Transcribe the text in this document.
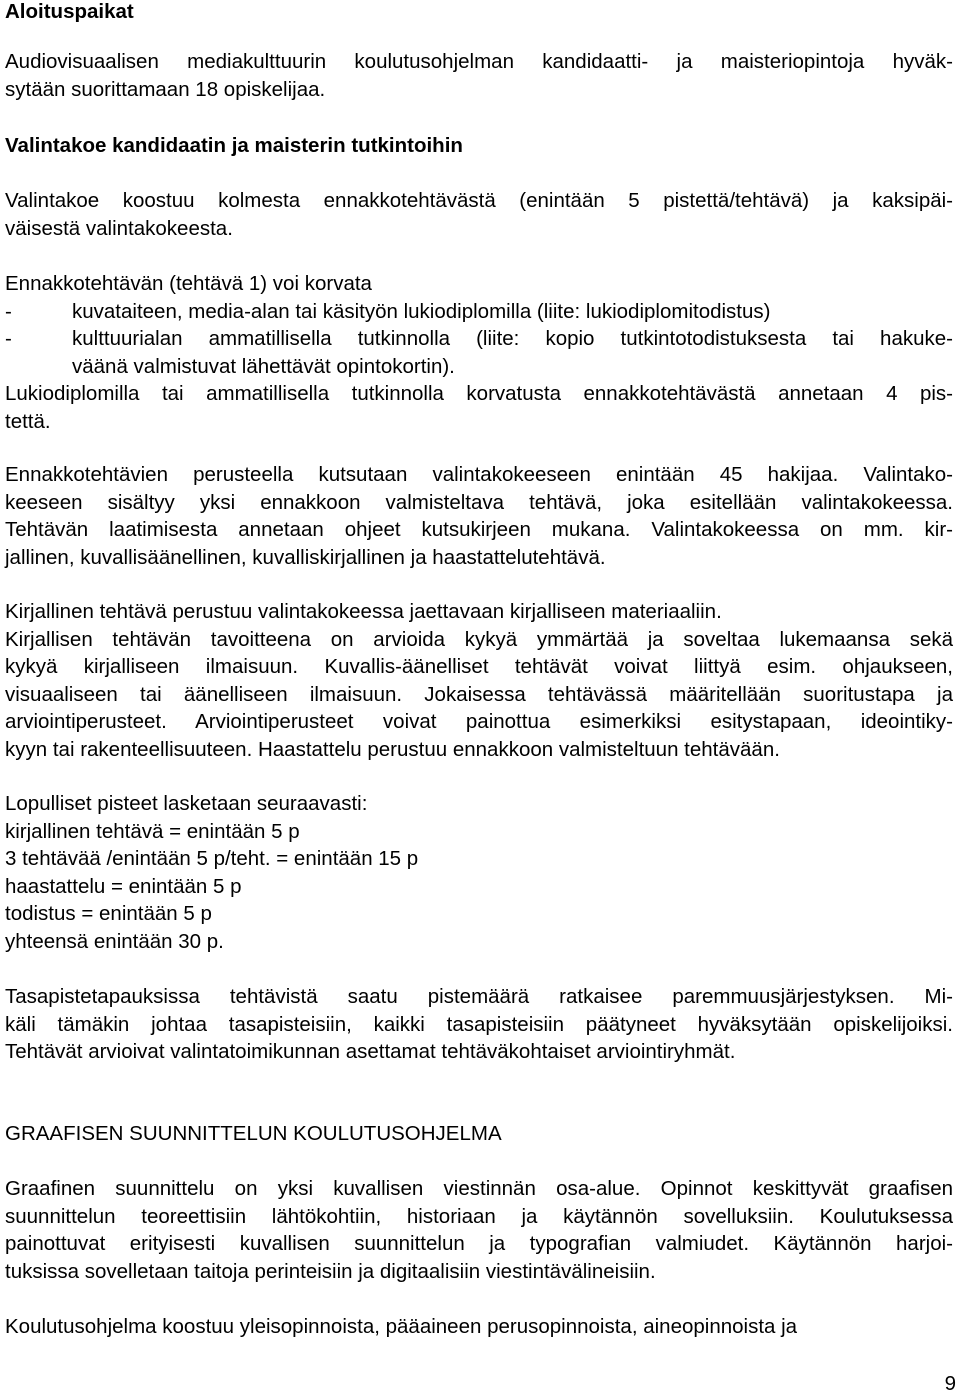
Aloituspaikat
Audiovisuaalisen mediakulttuurin koulutusohjelman kandidaatti- ja maisteriopintoja hyväk-
sytään suorittamaan 18 opiskelijaa.
Valintakoe kandidaatin ja maisterin tutkintoihin
Valintakoe koostuu kolmesta ennakkotehtävästä (enintään 5 pistettä/tehtävä) ja kaksipäi-
väisestä valintakokeesta.
Ennakkotehtävän (tehtävä 1) voi korvata
-	kuvataiteen, media-alan tai käsityön lukiodiplomilla (liite: lukiodiplomitodistus)
-	kulttuurialan ammatillisella tutkinnolla (liite: kopio tutkintotodistuksesta tai hakuke-
väänä valmistuvat lähettävät opintokortin).
Lukiodiplomilla tai ammatillisella tutkinnolla korvatusta ennakkotehtävästä annetaan 4 pis-
tettä.
Ennakkotehtävien perusteella kutsutaan valintakokeeseen enintään 45 hakijaa. Valintako-
keeseen sisältyy yksi ennakkoon valmisteltava tehtävä, joka esitellään valintakokeessa.
Tehtävän laatimisesta annetaan ohjeet kutsukirjeen mukana. Valintakokeessa on mm. kir-
jallinen, kuvallisäänellinen, kuvalliskirjallinen ja haastattelutehtävä.
Kirjallinen tehtävä perustuu valintakokeessa jaettavaan kirjalliseen materiaaliin.
Kirjallisen tehtävän tavoitteena on arvioida kykyä ymmärtää ja soveltaa lukemaansa sekä
kykyä kirjalliseen ilmaisuun. Kuvallis-äänelliset tehtävät voivat liittyä esim. ohjaukseen,
visuaaliseen tai äänelliseen ilmaisuun. Jokaisessa tehtävässä määritellään suoritustapa ja
arviointiperusteet. Arviointiperusteet voivat painottua esimerkiksi esitystapaan, ideointiky-
kyyn tai rakenteellisuuteen. Haastattelu perustuu ennakkoon valmisteltuun tehtävään.
Lopulliset pisteet lasketaan seuraavasti:
kirjallinen tehtävä = enintään 5 p
3 tehtävää /enintään 5 p/teht. = enintään 15 p
haastattelu = enintään 5 p
todistus = enintään 5 p
yhteensä enintään 30 p.
Tasapistetapauksissa tehtävistä saatu pistemäärä ratkaisee paremmuusjärjestyksen. Mi-
käli tämäkin johtaa tasapisteisiin, kaikki tasapisteisiin päätyneet hyväksytään opiskelijoiksi.
Tehtävät arvioivat valintatoimikunnan asettamat tehtäväkohtaiset arviointiryhmät.
GRAAFISEN SUUNNITTELUN KOULUTUSOHJELMA
Graafinen suunnittelu on yksi kuvallisen viestinnän osa-alue. Opinnot keskittyvät graafisen
suunnittelun teoreettisiin lähtökohtiin, historiaan ja käytännön sovelluksiin. Koulutuksessa
painottuvat erityisesti kuvallisen suunnittelun ja typografian valmiudet. Käytännön harjoi-
tuksissa sovelletaan taitoja perinteisiin ja digitaalisiin viestintävälineisiin.
Koulutusohjelma koostuu yleisopinnoista, pääaineen perusopinnoista, aineopinnoista ja
9
